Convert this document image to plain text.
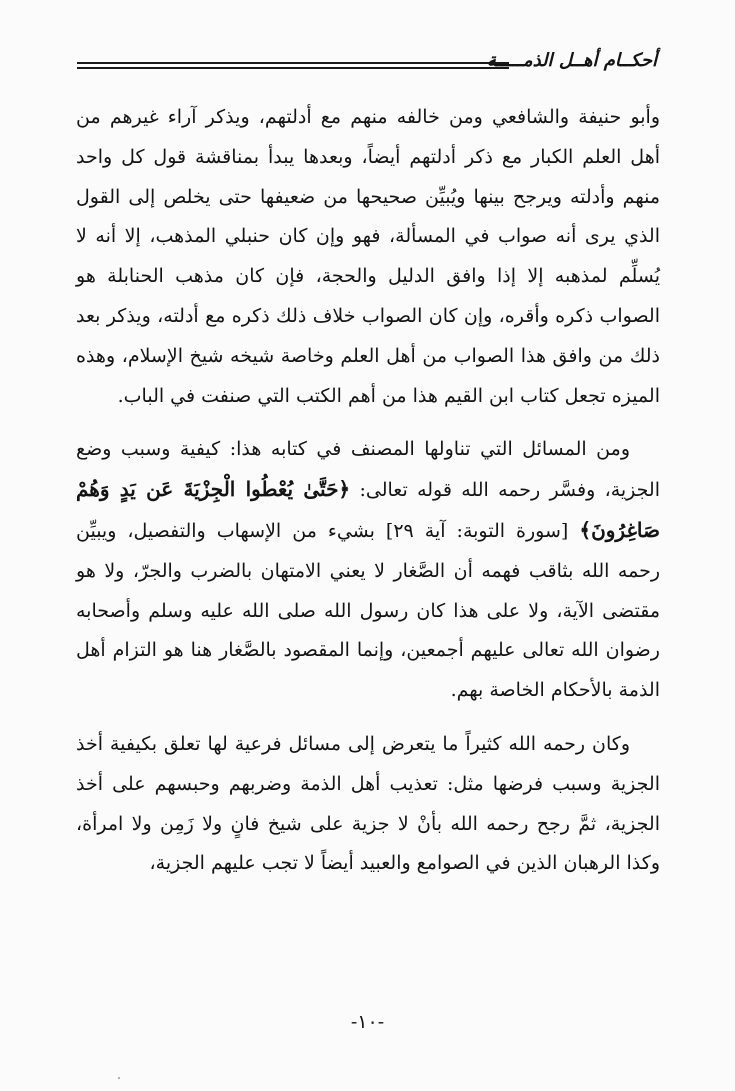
أحكــام أهــل الذمـــــة

وأبو حنيفة والشافعي ومن خالفه منهم مع أدلتهم، ويذكر آراء غيرهم من أهل العلم الكبار مع ذكر أدلتهم أيضاً، وبعدها يبدأ بمناقشة قول كل واحد منهم وأدلته ويرجح بينها ويُبيِّن صحيحها من ضعيفها حتى يخلص إلى القول الذي يرى أنه صواب في المسألة، فهو وإن كان حنبلي المذهب، إلا أنه لا يُسلِّم لمذهبه إلا إذا وافق الدليل والحجة، فإن كان مذهب الحنابلة هو الصواب ذكره وأقره، وإن كان الصواب خلاف ذلك ذكره مع أدلته، ويذكر بعد ذلك من وافق هذا الصواب من أهل العلم وخاصة شيخه شيخ الإسلام، وهذه الميزه تجعل كتاب ابن القيم هذا من أهم الكتب التي صنفت في الباب.

ومن المسائل التي تناولها المصنف في كتابه هذا: كيفية وسبب وضع الجزية، وفسَّر رحمه الله قوله تعالى: ﴿حَتَّىٰ يُعْطُوا الْجِزْيَةَ عَن يَدٍ وَهُمْ صَاغِرُونَ﴾ [سورة التوبة: آية ٢٩] بشيء من الإسهاب والتفصيل، ويبيِّن رحمه الله بثاقب فهمه أن الصَّغار لا يعني الامتهان بالضرب والجرّ، ولا هو مقتضى الآية، ولا على هذا كان رسول الله صلى الله عليه وسلم وأصحابه رضوان الله تعالى عليهم أجمعين، وإنما المقصود بالصَّغار هنا هو التزام أهل الذمة بالأحكام الخاصة بهم.

وكان رحمه الله كثيراً ما يتعرض إلى مسائل فرعية لها تعلق بكيفية أخذ الجزية وسبب فرضها مثل: تعذيب أهل الذمة وضربهم وحبسهم على أخذ الجزية، ثمَّ رجح رحمه الله بأنْ لا جزية على شيخ فانٍ ولا زَمِن ولا امرأة، وكذا الرهبان الذين في الصوامع والعبيد أيضاً لا تجب عليهم الجزية،

-١٠-
